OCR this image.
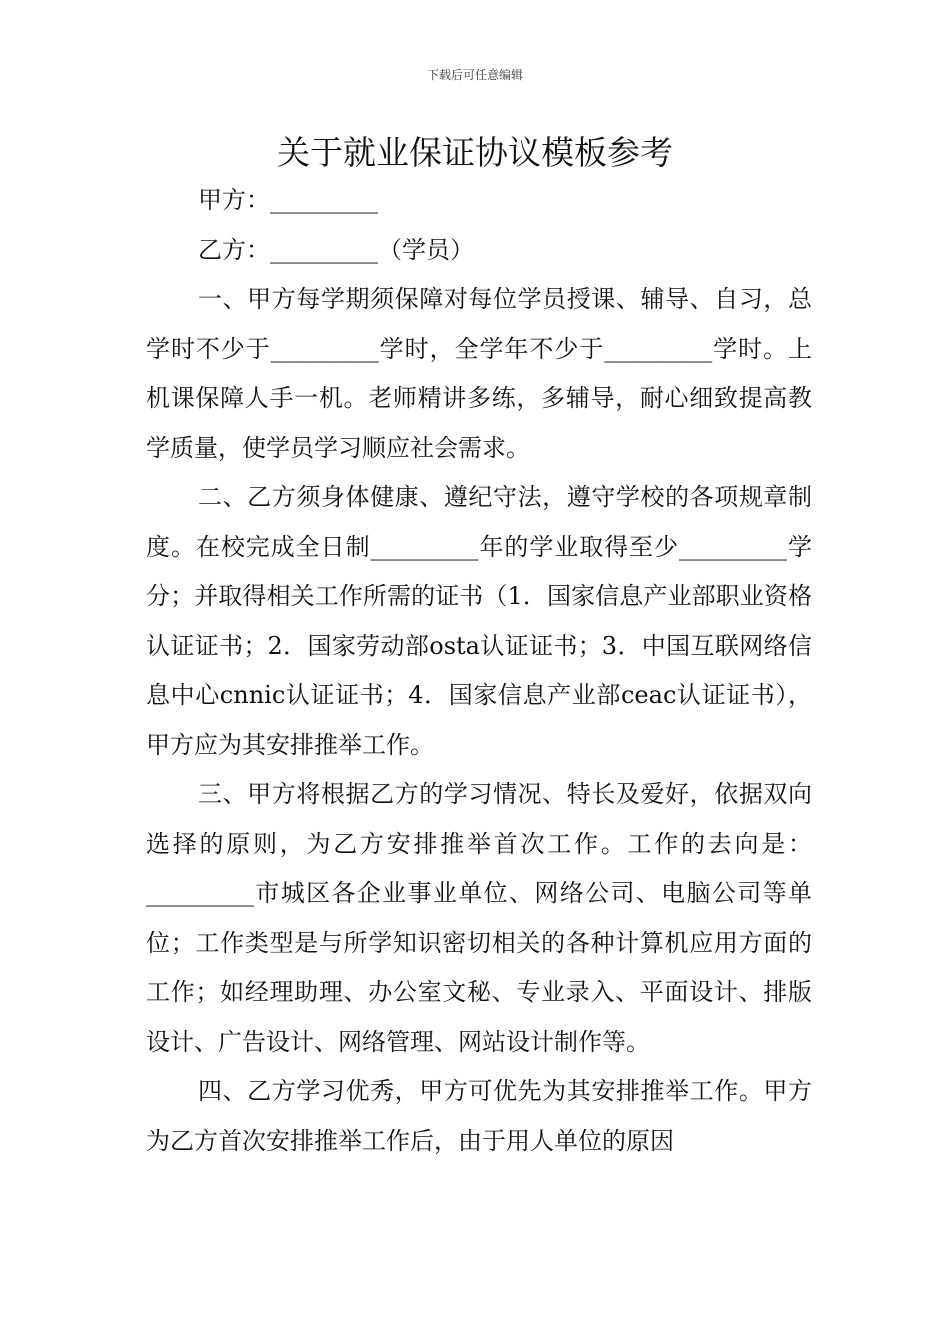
下载后可任意编辑
关于就业保证协议模板参考

甲方：_________

乙方：_________（学员）

一、甲方每学期须保障对每位学员授课、辅导、自习，总学时不少于_________学时，全学年不少于_________学时。上机课保障人手一机。老师精讲多练，多辅导，耐心细致提高教学质量，使学员学习顺应社会需求。

二、乙方须身体健康、遵纪守法，遵守学校的各项规章制度。在校完成全日制_________年的学业取得至少_________学分；并取得相关工作所需的证书（1．国家信息产业部职业资格认证证书；2．国家劳动部osta认证证书；3．中国互联网络信息中心cnnic认证证书；4．国家信息产业部ceac认证证书），甲方应为其安排推举工作。

三、甲方将根据乙方的学习情况、特长及爱好，依据双向选择的原则，为乙方安排推举首次工作。工作的去向是：_________市城区各企业事业单位、网络公司、电脑公司等单位；工作类型是与所学知识密切相关的各种计算机应用方面的工作；如经理助理、办公室文秘、专业录入、平面设计、排版设计、广告设计、网络管理、网站设计制作等。

四、乙方学习优秀，甲方可优先为其安排推举工作。甲方为乙方首次安排推举工作后，由于用人单位的原因
